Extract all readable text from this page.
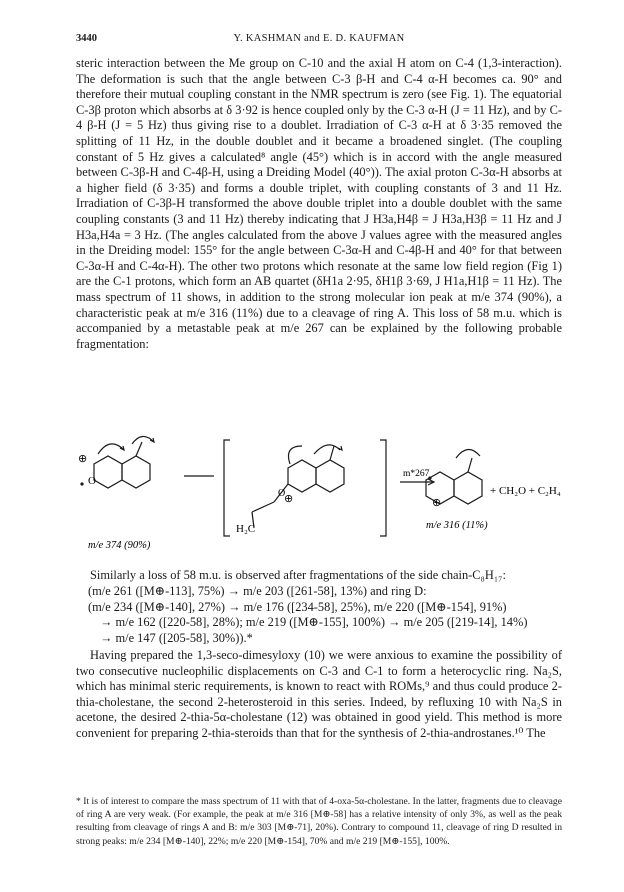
3440	Y. KASHMAN and E. D. KAUFMAN

steric interaction between the Me group on C-10 and the axial H atom on C-4 (1,3-interaction). The deformation is such that the angle between C-3 β-H and C-4 α-H becomes ca. 90° and therefore their mutual coupling constant in the NMR spectrum is zero (see Fig. 1). The equatorial C-3β proton which absorbs at δ 3·92 is hence coupled only by the C-3 α-H (J = 11 Hz), and by C-4 β-H (J = 5 Hz) thus giving rise to a doublet. Irradiation of C-3 α-H at δ 3·35 removed the splitting of 11 Hz, in the double doublet and it became a broadened singlet. (The coupling constant of 5 Hz gives a calculated⁸ angle (45°) which is in accord with the angle measured between C-3β-H and C-4β-H, using a Dreiding Model (40°)). The axial proton C-3α-H absorbs at a higher field (δ 3·35) and forms a double triplet, with coupling constants of 3 and 11 Hz. Irradiation of C-3β-H transformed the above double triplet into a double doublet with the same coupling constants (3 and 11 Hz) thereby indicating that J H3a,H4β = J H3a,H3β = 11 Hz and J H3a,H4a = 3 Hz. (The angles calculated from the above J values agree with the measured angles in the Dreiding model: 155° for the angle between C-3α-H and C-4β-H and 40° for that between C-3α-H and C-4α-H). The other two protons which resonate at the same low field region (Fig 1) are the C-1 protons, which form an AB quartet (δH1a 2·95, δH1β 3·69, J H1a,H1β = 11 Hz). The mass spectrum of 11 shows, in addition to the strong molecular ion peak at m/e 374 (90%), a characteristic peak at m/e 316 (11%) due to a cleavage of ring A. This loss of 58 m.u. which is accompanied by a metastable peak at m/e 267 can be explained by the following probable fragmentation:

⊕
O
⊕
O
⊕
H₂C
m*267
+ CH₂O + C₂H₄
m/e 374 (90%)
m/e 316 (11%)

Similarly a loss of 58 m.u. is observed after fragmentations of the side chain-C₈H₁₇:

(m/e 261 ([M⊕-113], 75%) → m/e 203 ([261-58], 13%) and ring D:
(m/e 234 ([M⊕-140], 27%) → m/e 176 ([234-58], 25%), m/e 220 ([M⊕-154], 91%)
→ m/e 162 ([220-58], 28%); m/e 219 ([M⊕-155], 100%) → m/e 205 ([219-14], 14%)
→ m/e 147 ([205-58], 30%)).*

Having prepared the 1,3-seco-dimesyloxy (10) we were anxious to examine the possibility of two consecutive nucleophilic displacements on C-3 and C-1 to form a heterocyclic ring. Na₂S, which has minimal steric requirements, is known to react with ROMs,⁹ and thus could produce 2-thia-cholestane, the second 2-heterosteroid in this series. Indeed, by refluxing 10 with Na₂S in acetone, the desired 2-thia-5α-cholestane (12) was obtained in good yield. This method is more convenient for preparing 2-thia-steroids than that for the synthesis of 2-thia-androstanes.¹⁰ The

* It is of interest to compare the mass spectrum of 11 with that of 4-oxa-5α-cholestane. In the latter, fragments due to cleavage of ring A are very weak. (For example, the peak at m/e 316 [M⊕-58] has a relative intensity of only 3%, as well as the peak resulting from cleavage of rings A and B: m/e 303 [M⊕-71], 20%). Contrary to compound 11, cleavage of ring D resulted in strong peaks: m/e 234 [M⊕-140], 22%; m/e 220 [M⊕-154], 70% and m/e 219 [M⊕-155], 100%.
